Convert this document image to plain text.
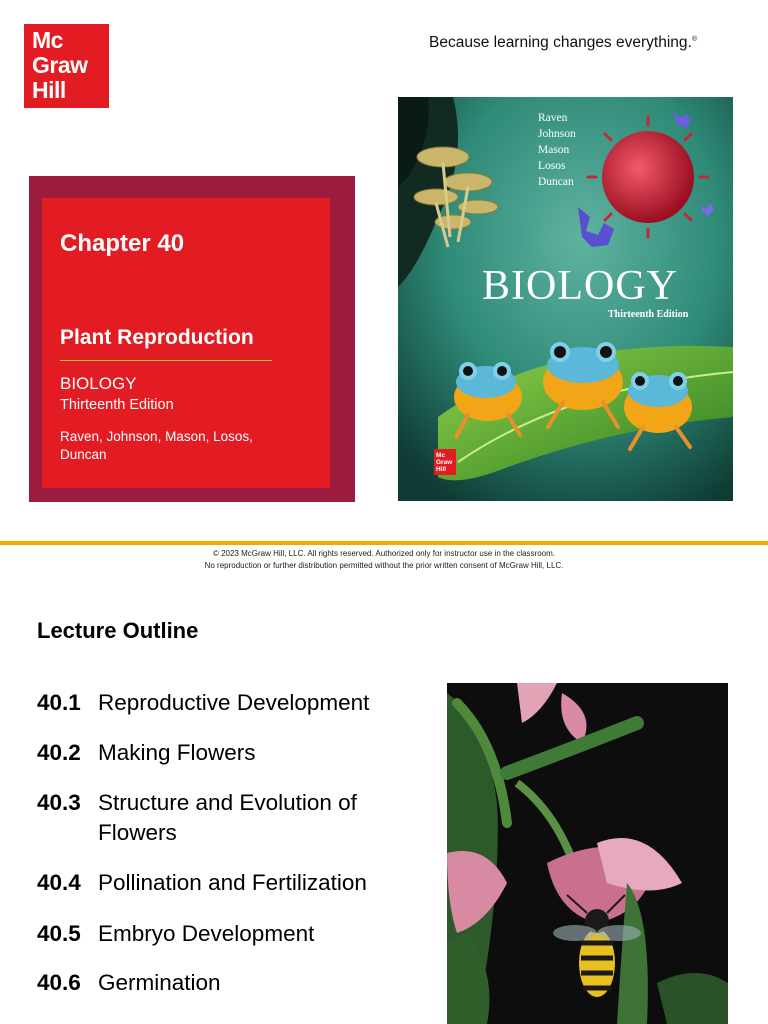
Mc
Graw
Hill
Because learning changes everything.®
Chapter 40
Plant Reproduction
BIOLOGY
Thirteenth Edition
Raven, Johnson, Mason, Losos, Duncan
Raven
Johnson
Mason
Losos
Duncan
BIOLOGY
Thirteenth Edition
Mc
Graw
Hill
© 2023 McGraw Hill, LLC. All rights reserved. Authorized only for instructor use in the classroom.
No reproduction or further distribution permitted without the prior written consent of McGraw Hill, LLC.
Lecture Outline
40.1 Reproductive Development
40.2 Making Flowers
40.3 Structure and Evolution of Flowers
40.4 Pollination and Fertilization
40.5 Embryo Development
40.6 Germination
